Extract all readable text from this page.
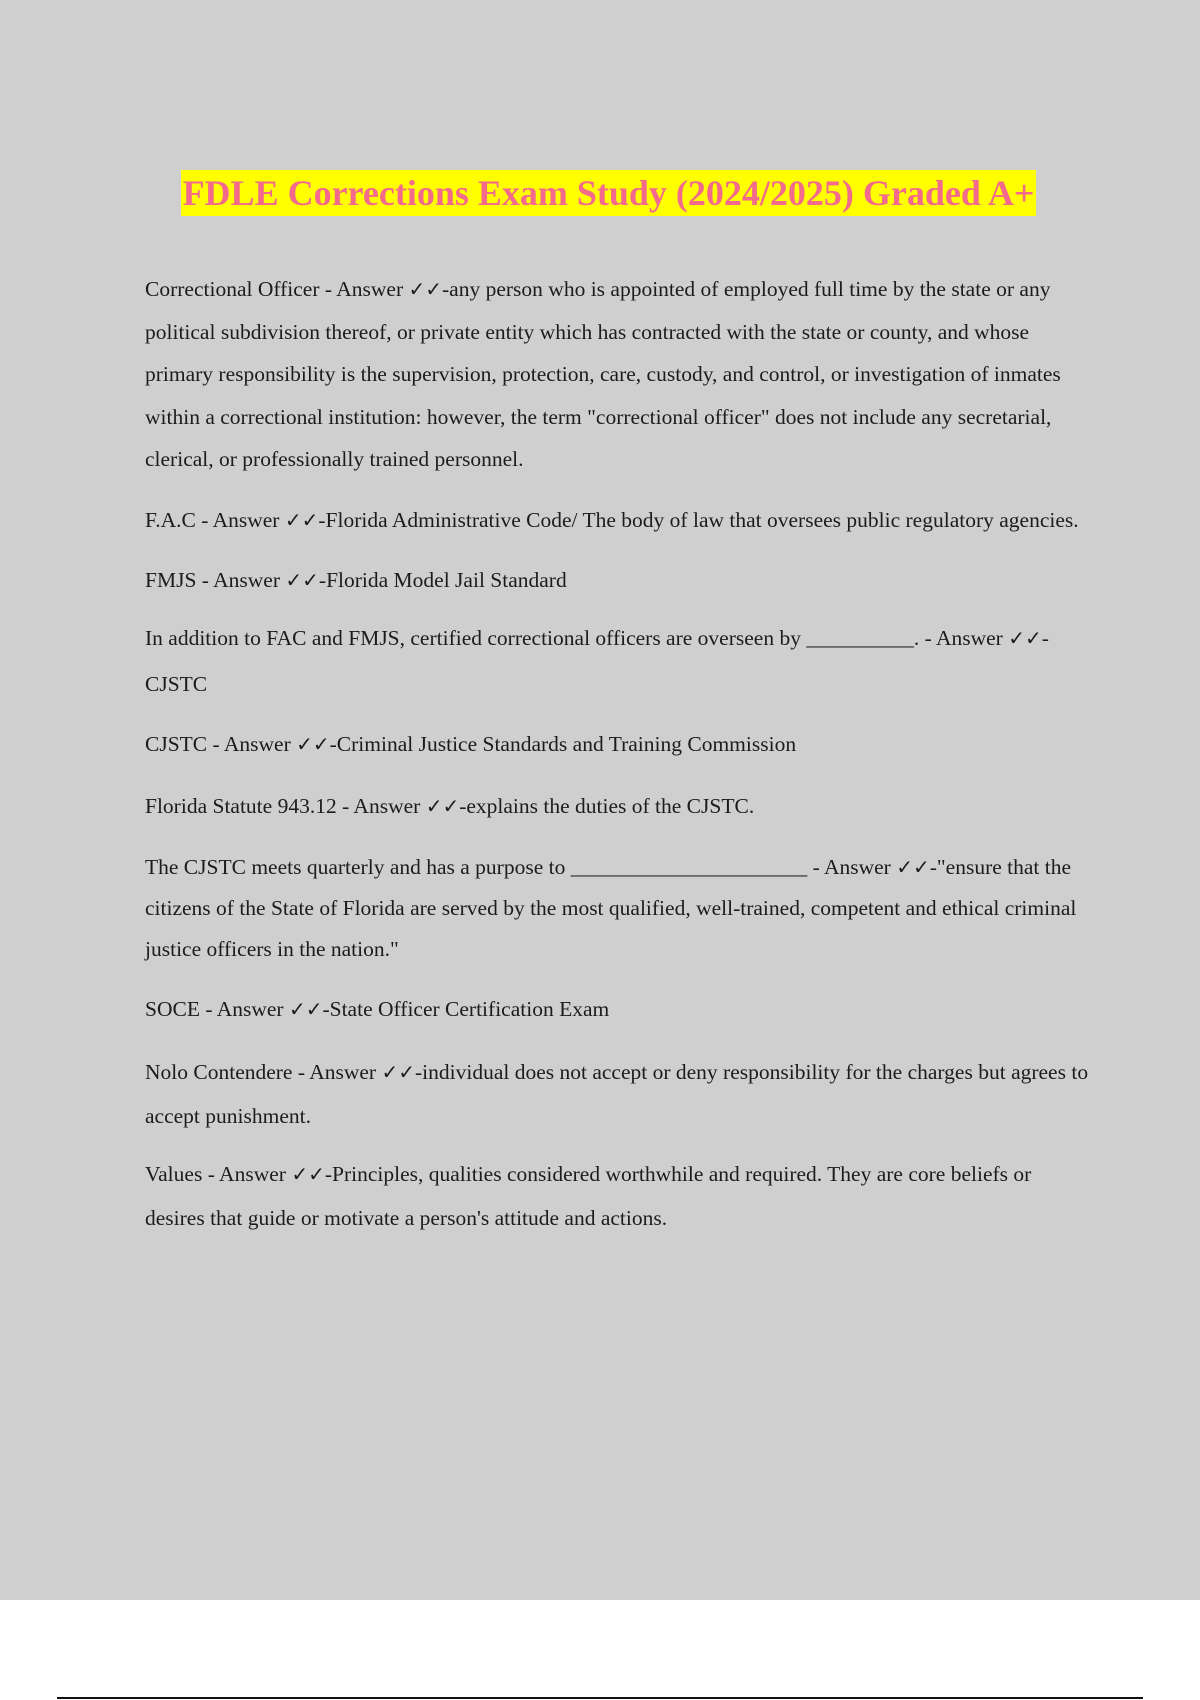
FDLE Corrections Exam Study (2024/2025) Graded A+

Correctional Officer - Answer ✓✓-any person who is appointed of employed full time by the state or any political subdivision thereof, or private entity which has contracted with the state or county, and whose primary responsibility is the supervision, protection, care, custody, and control, or investigation of inmates within a correctional institution: however, the term "correctional officer" does not include any secretarial, clerical, or professionally trained personnel.

F.A.C - Answer ✓✓-Florida Administrative Code/ The body of law that oversees public regulatory agencies.

FMJS - Answer ✓✓-Florida Model Jail Standard

In addition to FAC and FMJS, certified correctional officers are overseen by __________. - Answer ✓✓-CJSTC

CJSTC - Answer ✓✓-Criminal Justice Standards and Training Commission

Florida Statute 943.12 - Answer ✓✓-explains the duties of the CJSTC.

The CJSTC meets quarterly and has a purpose to ______________________ - Answer ✓✓-"ensure that the citizens of the State of Florida are served by the most qualified, well-trained, competent and ethical criminal justice officers in the nation."

SOCE - Answer ✓✓-State Officer Certification Exam

Nolo Contendere - Answer ✓✓-individual does not accept or deny responsibility for the charges but agrees to accept punishment.

Values - Answer ✓✓-Principles, qualities considered worthwhile and required. They are core beliefs or desires that guide or motivate a person's attitude and actions.
